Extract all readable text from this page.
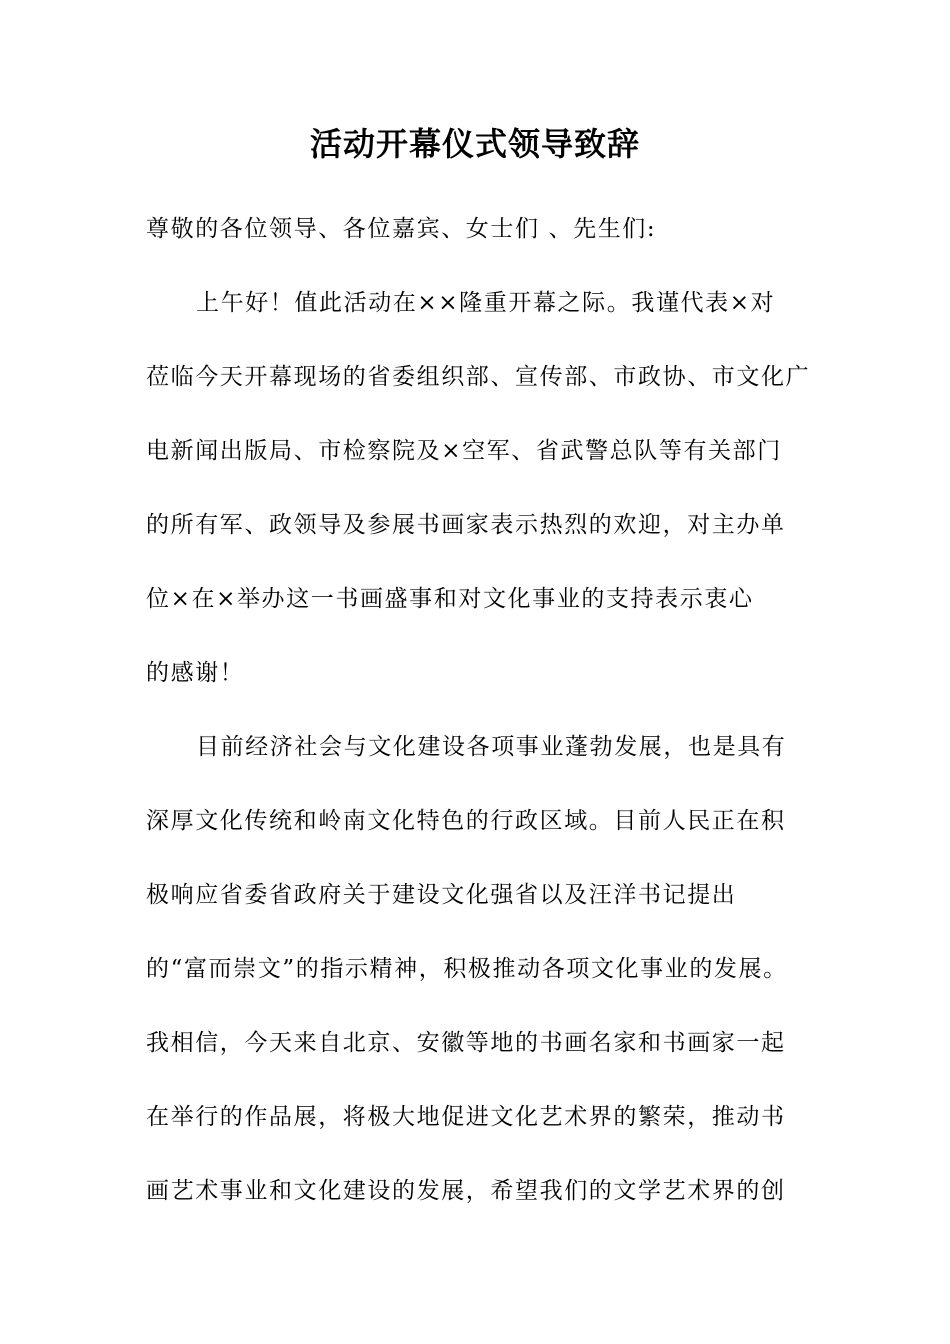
活动开幕仪式领导致辞
尊敬的各位领导、各位嘉宾、女士们 、先生们:
上午好！值此活动在××隆重开幕之际。我谨代表×对
莅临今天开幕现场的省委组织部、宣传部、市政协、市文化广
电新闻出版局、市检察院及×空军、省武警总队等有关部门
的所有军、政领导及参展书画家表示热烈的欢迎，对主办单
位×在×举办这一书画盛事和对文化事业的支持表示衷心
的感谢！
目前经济社会与文化建设各项事业蓬勃发展，也是具有
深厚文化传统和岭南文化特色的行政区域。目前人民正在积
极响应省委省政府关于建设文化强省以及汪洋书记提出
的“富而崇文”的指示精神，积极推动各项文化事业的发展。
我相信，今天来自北京、安徽等地的书画名家和书画家一起
在举行的作品展，将极大地促进文化艺术界的繁荣，推动书
画艺术事业和文化建设的发展，希望我们的文学艺术界的创
